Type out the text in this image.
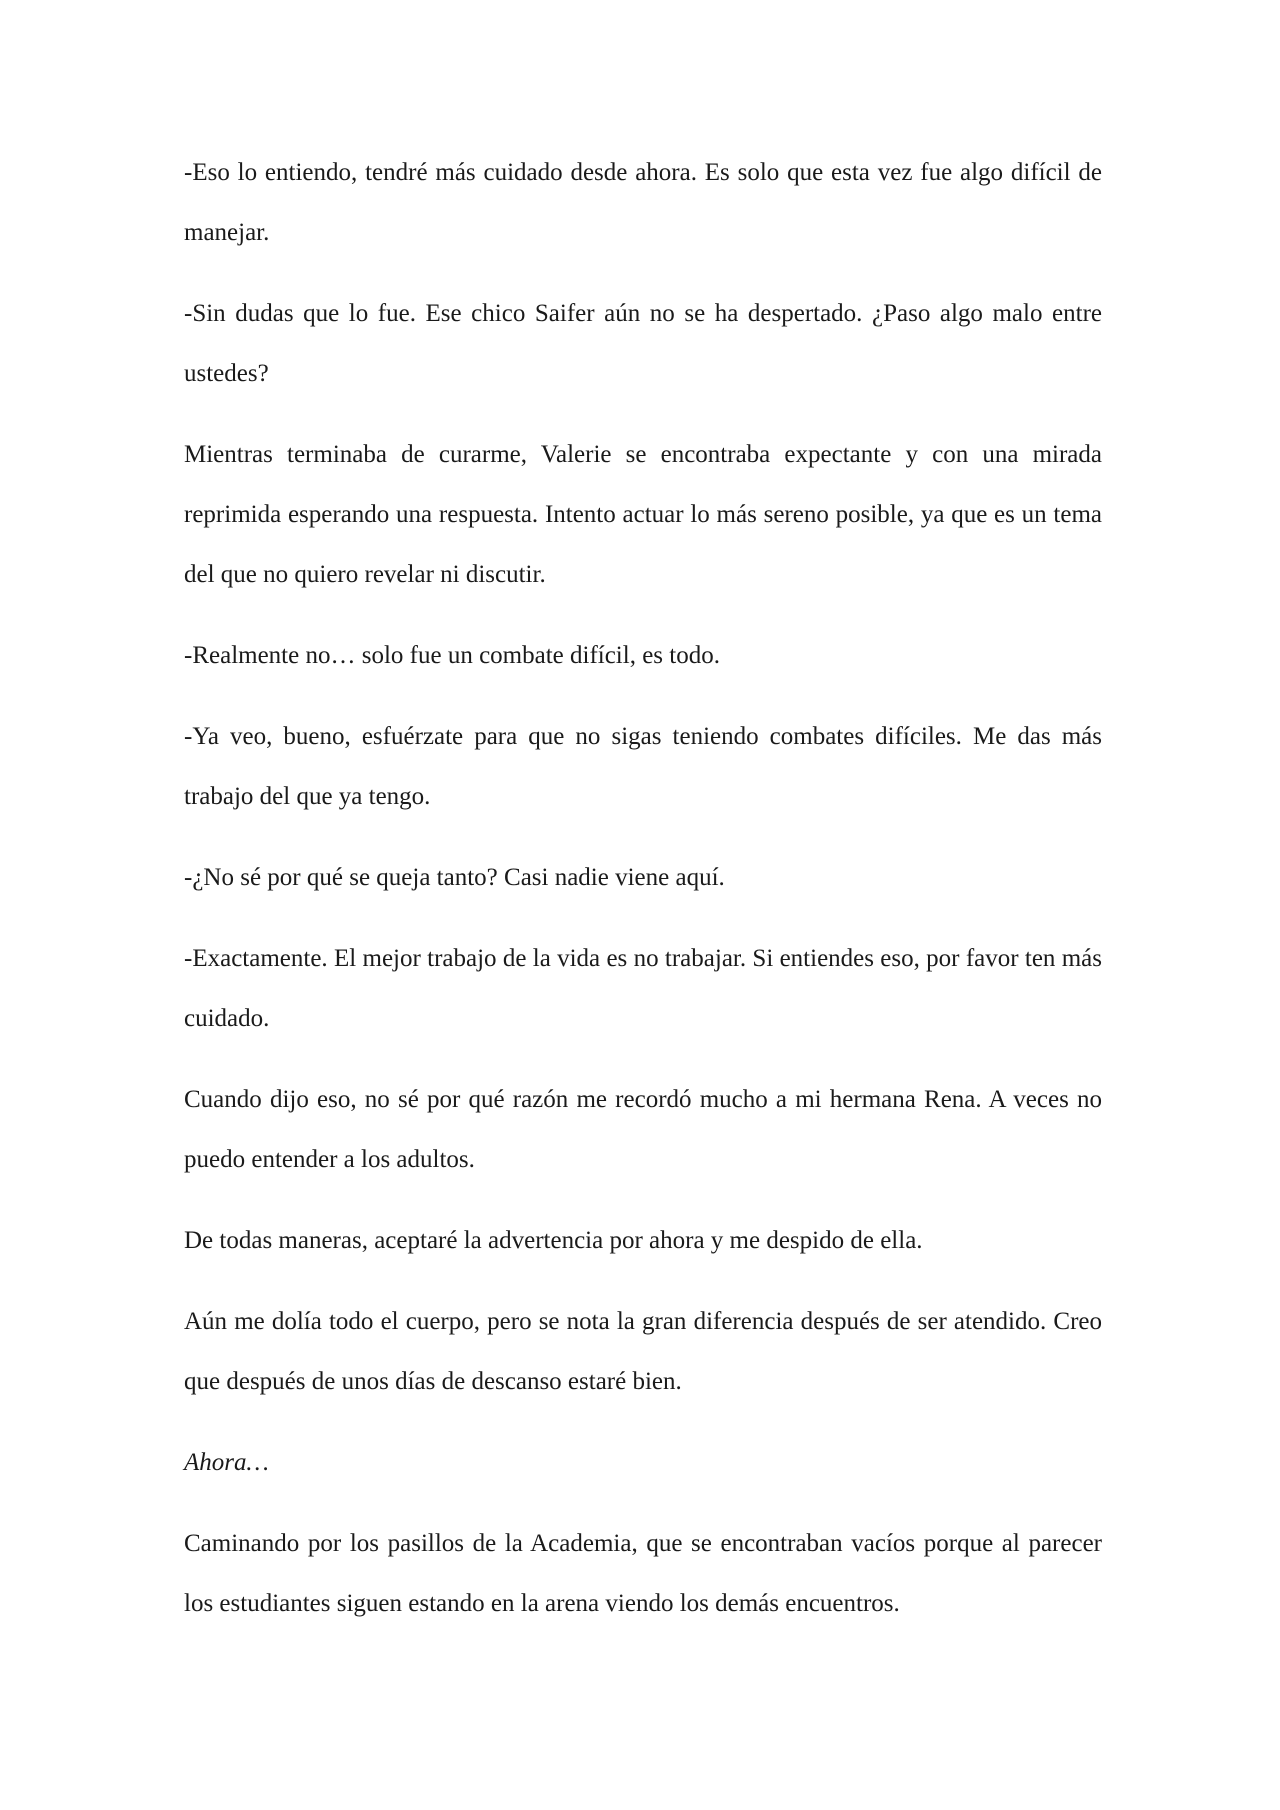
-Eso lo entiendo, tendré más cuidado desde ahora. Es solo que esta vez fue algo difícil de manejar.

-Sin dudas que lo fue. Ese chico Saifer aún no se ha despertado. ¿Paso algo malo entre ustedes?

Mientras terminaba de curarme, Valerie se encontraba expectante y con una mirada reprimida esperando una respuesta. Intento actuar lo más sereno posible, ya que es un tema del que no quiero revelar ni discutir.

-Realmente no… solo fue un combate difícil, es todo.

-Ya veo, bueno, esfuérzate para que no sigas teniendo combates difíciles. Me das más trabajo del que ya tengo.

-¿No sé por qué se queja tanto? Casi nadie viene aquí.

-Exactamente. El mejor trabajo de la vida es no trabajar. Si entiendes eso, por favor ten más cuidado.

Cuando dijo eso, no sé por qué razón me recordó mucho a mi hermana Rena. A veces no puedo entender a los adultos.

De todas maneras, aceptaré la advertencia por ahora y me despido de ella.

Aún me dolía todo el cuerpo, pero se nota la gran diferencia después de ser atendido. Creo que después de unos días de descanso estaré bien.

Ahora…

Caminando por los pasillos de la Academia, que se encontraban vacíos porque al parecer los estudiantes siguen estando en la arena viendo los demás encuentros.
